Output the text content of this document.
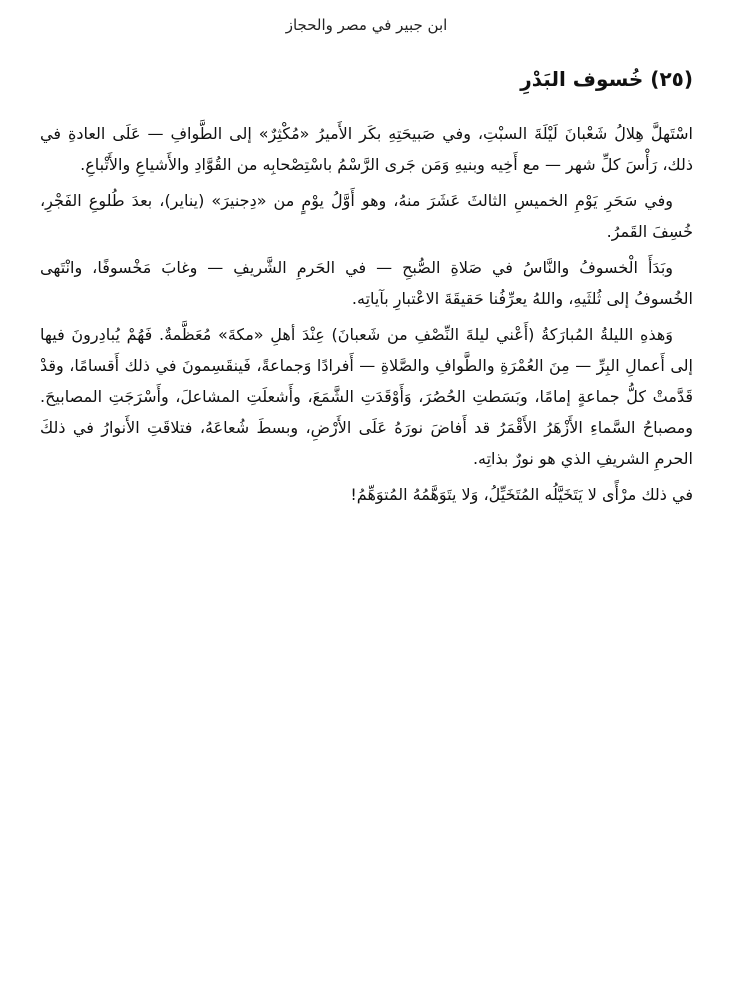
ابن جبير في مصر والحجاز
(٢٥) خُسوف البَدْرِ

اسْتَهلَّ هِلالُ شَعْبانَ لَيْلَةَ السبْتِ، وفي صَبيحَتِهِ بكَر الأَميرُ «مُكْثِرٌ» إلى الطَّوافِ — عَلَى العادةِ في ذلك، رَأْسَ كلِّ شهر — مع أَخِيه وبنيهِ وَمَن جَرى الرَّسْمُ باسْتِصْحابِه من القُوَّادِ والأَشياعِ والأَتْباعِ.

وفي سَحَرِ يَوْمِ الخميسِ الثالثَ عَشَرَ منهُ، وهو أَوَّلُ يوْمٍ من «دِجنيرَ» (يناير)، بعدَ طُلوعِ الفَجْرِ، خُسِفَ القَمرُ.

وبَدَأَ الْخسوفُ والنَّاسُ في صَلاةِ الصُّبحِ — في الحَرمِ الشَّريفِ — وغابَ مَخْسوفًا، وانْتَهى الخُسوفُ إلى ثُلثَيهِ، واللهُ يعرِّفُنا حَقيقَةَ الاعْتبارِ بآياتِه.

وَهذهِ الليلةُ المُبارَكةُ (أَعْني ليلةَ النِّصْفِ من شَعبانَ) عِنْدَ أهلِ «مكةَ» مُعَظَّمةٌ. فَهُمْ يُبادِرونَ فيها إلى أَعمالِ البِرِّ — مِنَ العُمْرَةِ والطَّوافِ والصَّلاةِ — أَفرادًا وَجماعةً، فَينقَسِمونَ في ذلك أَقسامًا، وقدْ قَدَّمتْ كلُّ جماعةٍ إمامًا، وبَسَطتِ الحُصُرَ، وَأَوْقَدَتِ الشَّمَعَ، وأَشعلَتِ المشاعلَ، وأَسْرَجَتِ المصابيحَ. ومصباحُ السَّماءِ الأَزْهَرُ الأَقْمَرُ قد أَفاضَ نورَهُ عَلَى الأَرْضِ، وبسطَ شُعاعَهُ، فتلاقَتِ الأَنوارُ في ذلكَ الحرمِ الشريفِ الذي هو نورٌ بذاتِه.

في ذلك مرْأًى لا يَتَخَيَّلُه المُتَخَيِّلُ، وَلا يتَوَهَّمُهُ المُتوَهِّمُ!
